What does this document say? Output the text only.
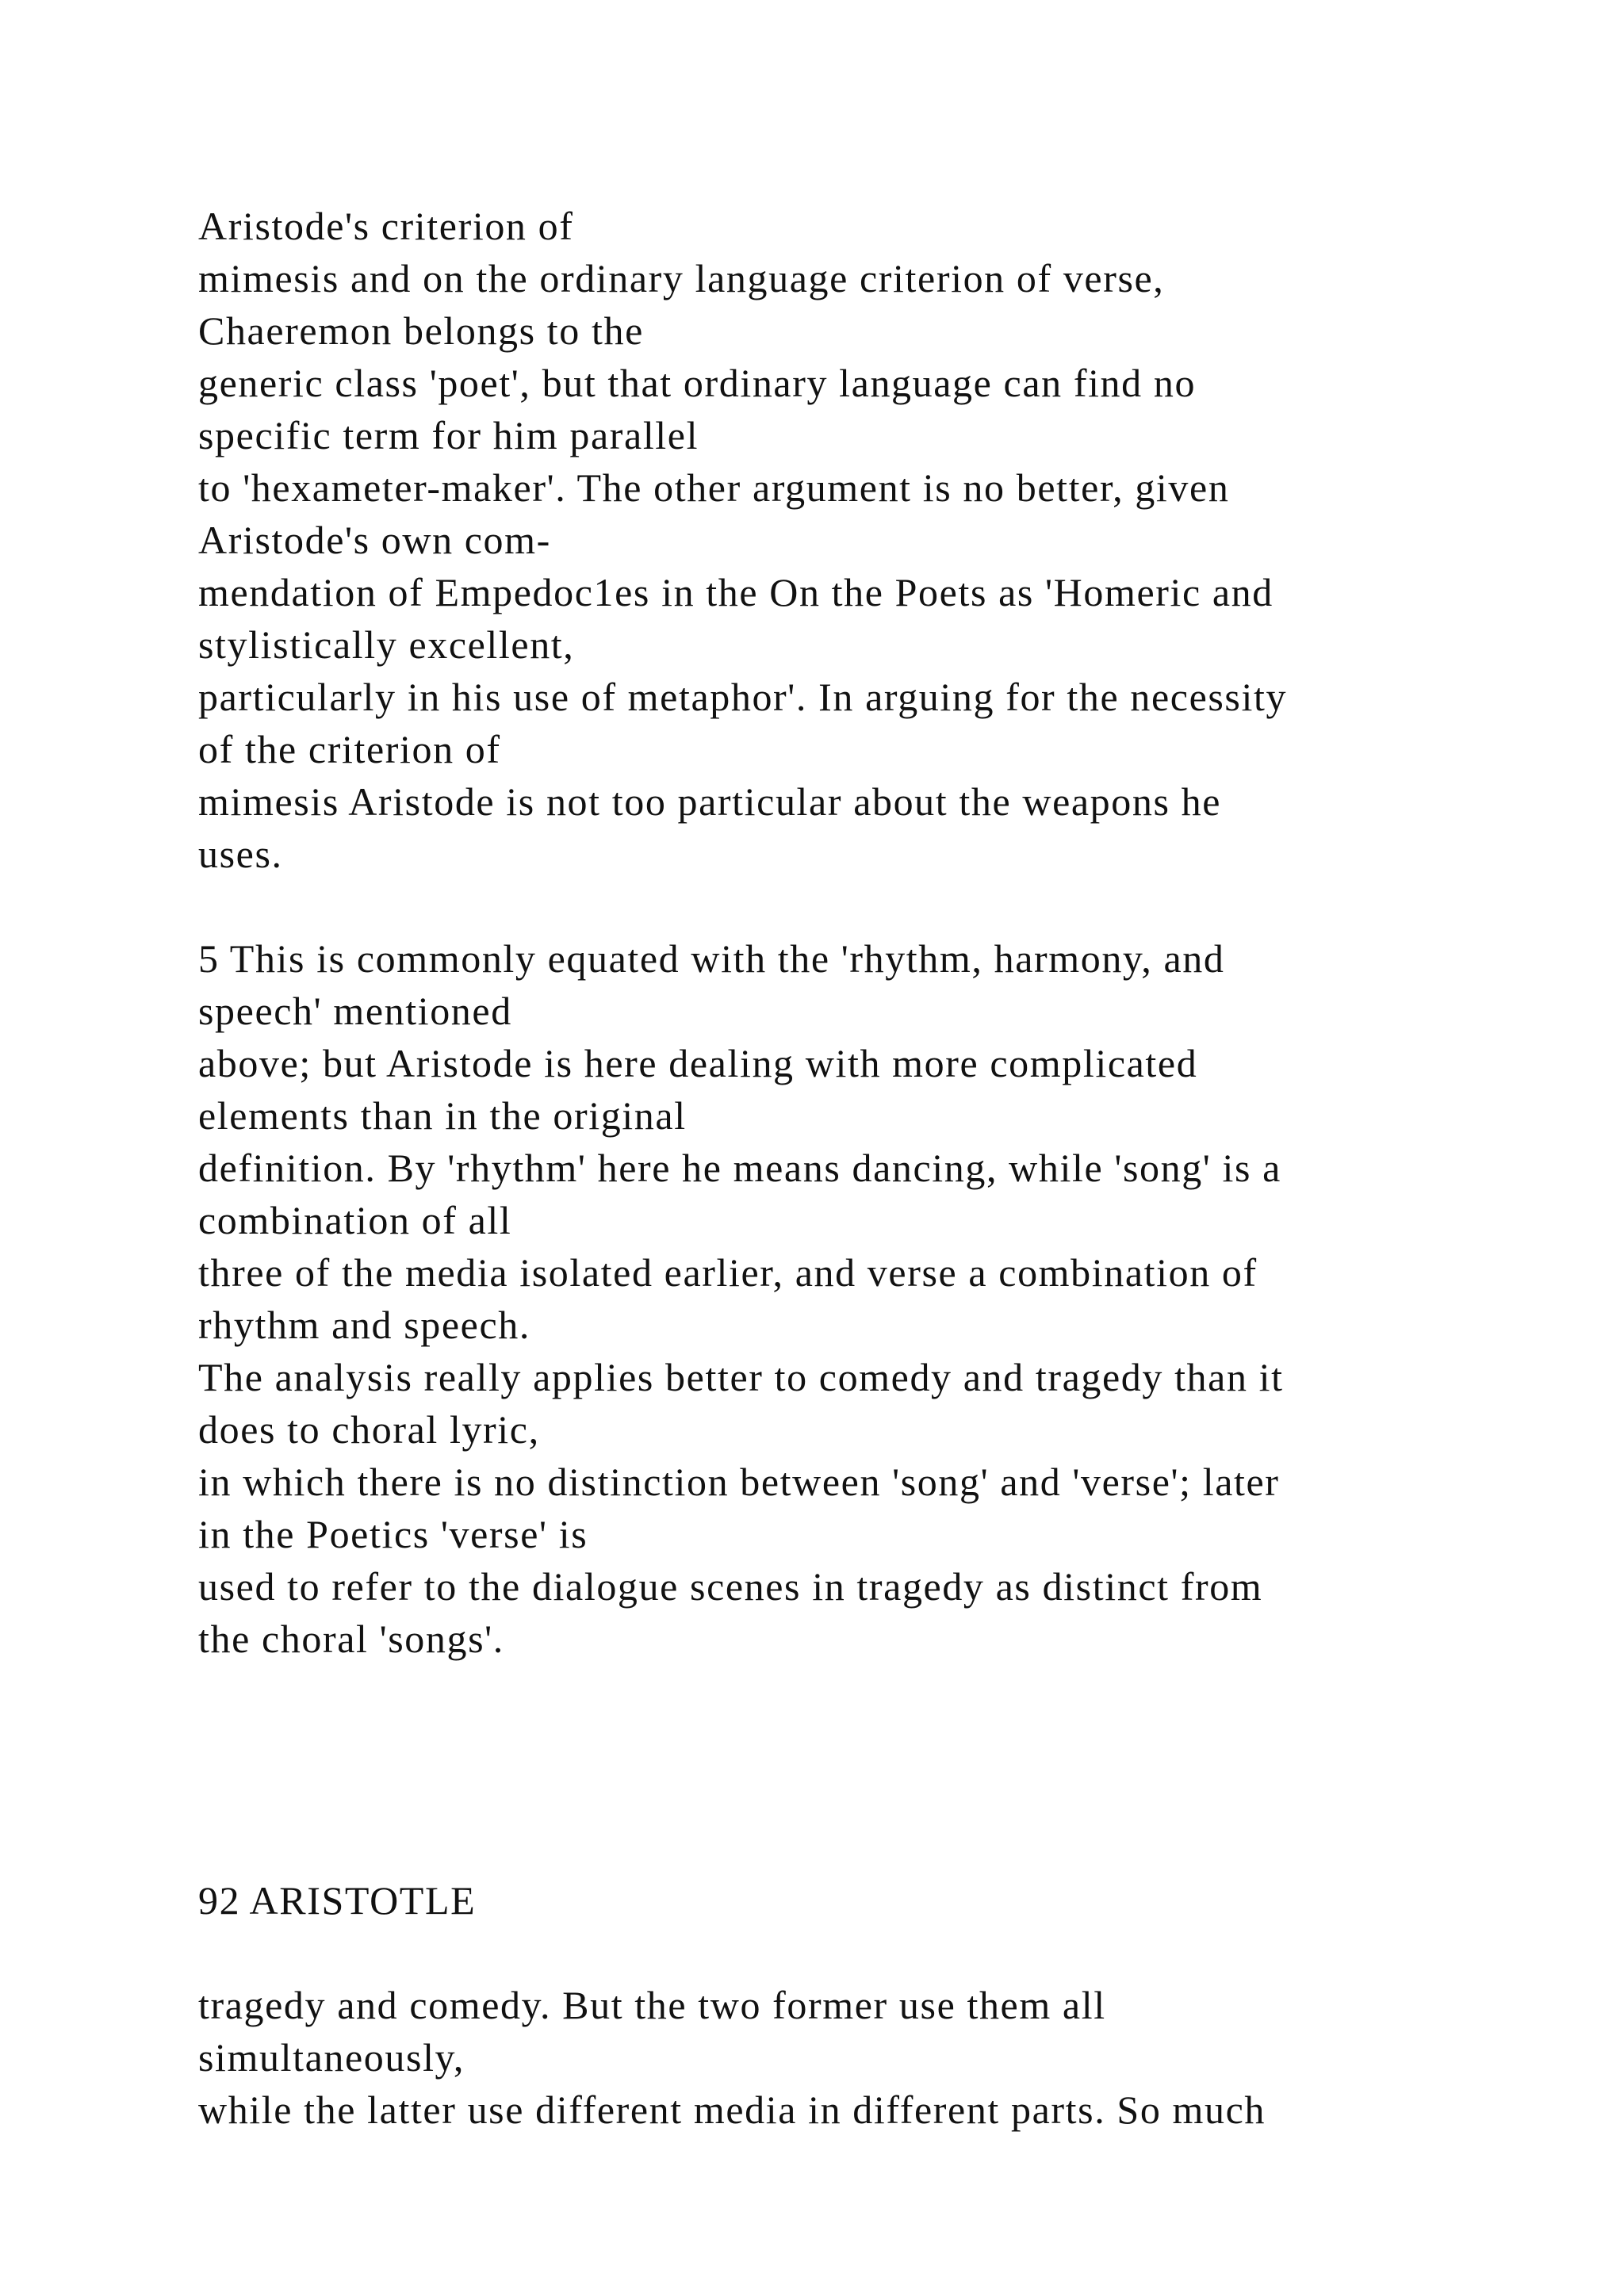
Aristode's criterion of
mimesis and on the ordinary language criterion of verse,
Chaeremon belongs to the
generic class 'poet', but that ordinary language can find no
specific term for him parallel
to 'hexameter-maker'. The other argument is no better, given
Aristode's own com-
mendation of Empedoc1es in the On the Poets as 'Homeric and
stylistically excellent,
particularly in his use of metaphor'. In arguing for the necessity
of the criterion of
mimesis Aristode is not too particular about the weapons he
uses.
5 This is commonly equated with the 'rhythm, harmony, and
speech' mentioned
above; but Aristode is here dealing with more complicated
elements than in the original
definition. By 'rhythm' here he means dancing, while 'song' is a
combination of all
three of the media isolated earlier, and verse a combination of
rhythm and speech.
The analysis really applies better to comedy and tragedy than it
does to choral lyric,
in which there is no distinction between 'song' and 'verse'; later
in the Poetics 'verse' is
used to refer to the dialogue scenes in tragedy as distinct from
the choral 'songs'.
92 ARISTOTLE
tragedy and comedy. But the two former use them all
simultaneously,
while the latter use different media in different parts. So much
